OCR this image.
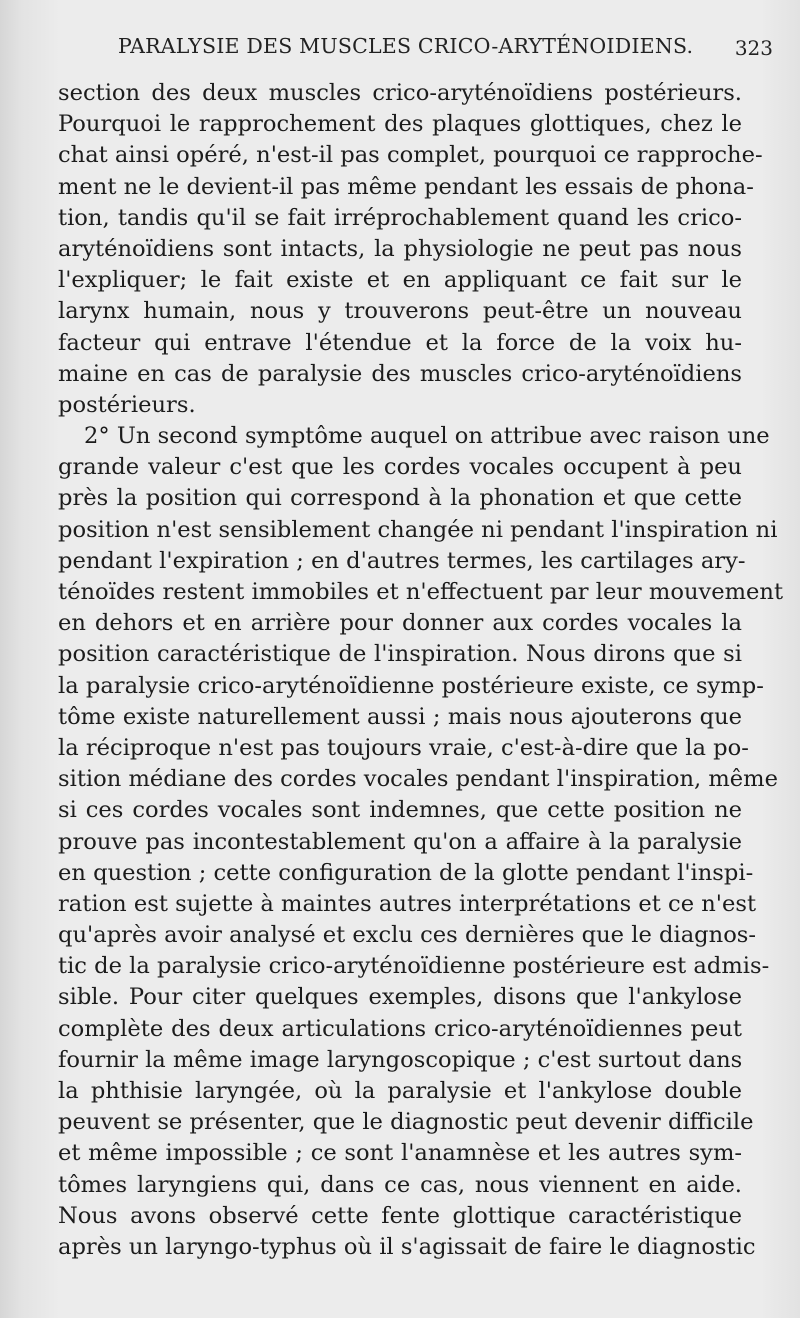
PARALYSIE DES MUSCLES CRICO-ARYTÉNOIDIENS. 323
section des deux muscles crico-aryténoïdiens postérieurs.
Pourquoi le rapprochement des plaques glottiques, chez le
chat ainsi opéré, n'est-il pas complet, pourquoi ce rapproche-
ment ne le devient-il pas même pendant les essais de phona-
tion, tandis qu'il se fait irréprochablement quand les crico-
aryténoïdiens sont intacts, la physiologie ne peut pas nous
l'expliquer; le fait existe et en appliquant ce fait sur le
larynx humain, nous y trouverons peut-être un nouveau
facteur qui entrave l'étendue et la force de la voix hu-
maine en cas de paralysie des muscles crico-aryténoïdiens
postérieurs.
2° Un second symptôme auquel on attribue avec raison une
grande valeur c'est que les cordes vocales occupent à peu
près la position qui correspond à la phonation et que cette
position n'est sensiblement changée ni pendant l'inspiration ni
pendant l'expiration ; en d'autres termes, les cartilages ary-
ténoïdes restent immobiles et n'effectuent par leur mouvement
en dehors et en arrière pour donner aux cordes vocales la
position caractéristique de l'inspiration. Nous dirons que si
la paralysie crico-aryténoïdienne postérieure existe, ce symp-
tôme existe naturellement aussi ; mais nous ajouterons que
la réciproque n'est pas toujours vraie, c'est-à-dire que la po-
sition médiane des cordes vocales pendant l'inspiration, même
si ces cordes vocales sont indemnes, que cette position ne
prouve pas incontestablement qu'on a affaire à la paralysie
en question ; cette configuration de la glotte pendant l'inspi-
ration est sujette à maintes autres interprétations et ce n'est
qu'après avoir analysé et exclu ces dernières que le diagnos-
tic de la paralysie crico-aryténoïdienne postérieure est admis-
sible. Pour citer quelques exemples, disons que l'ankylose
complète des deux articulations crico-aryténoïdiennes peut
fournir la même image laryngoscopique ; c'est surtout dans
la phthisie laryngée, où la paralysie et l'ankylose double
peuvent se présenter, que le diagnostic peut devenir difficile
et même impossible ; ce sont l'anamnèse et les autres sym-
tômes laryngiens qui, dans ce cas, nous viennent en aide.
Nous avons observé cette fente glottique caractéristique
après un laryngo-typhus où il s'agissait de faire le diagnostic
